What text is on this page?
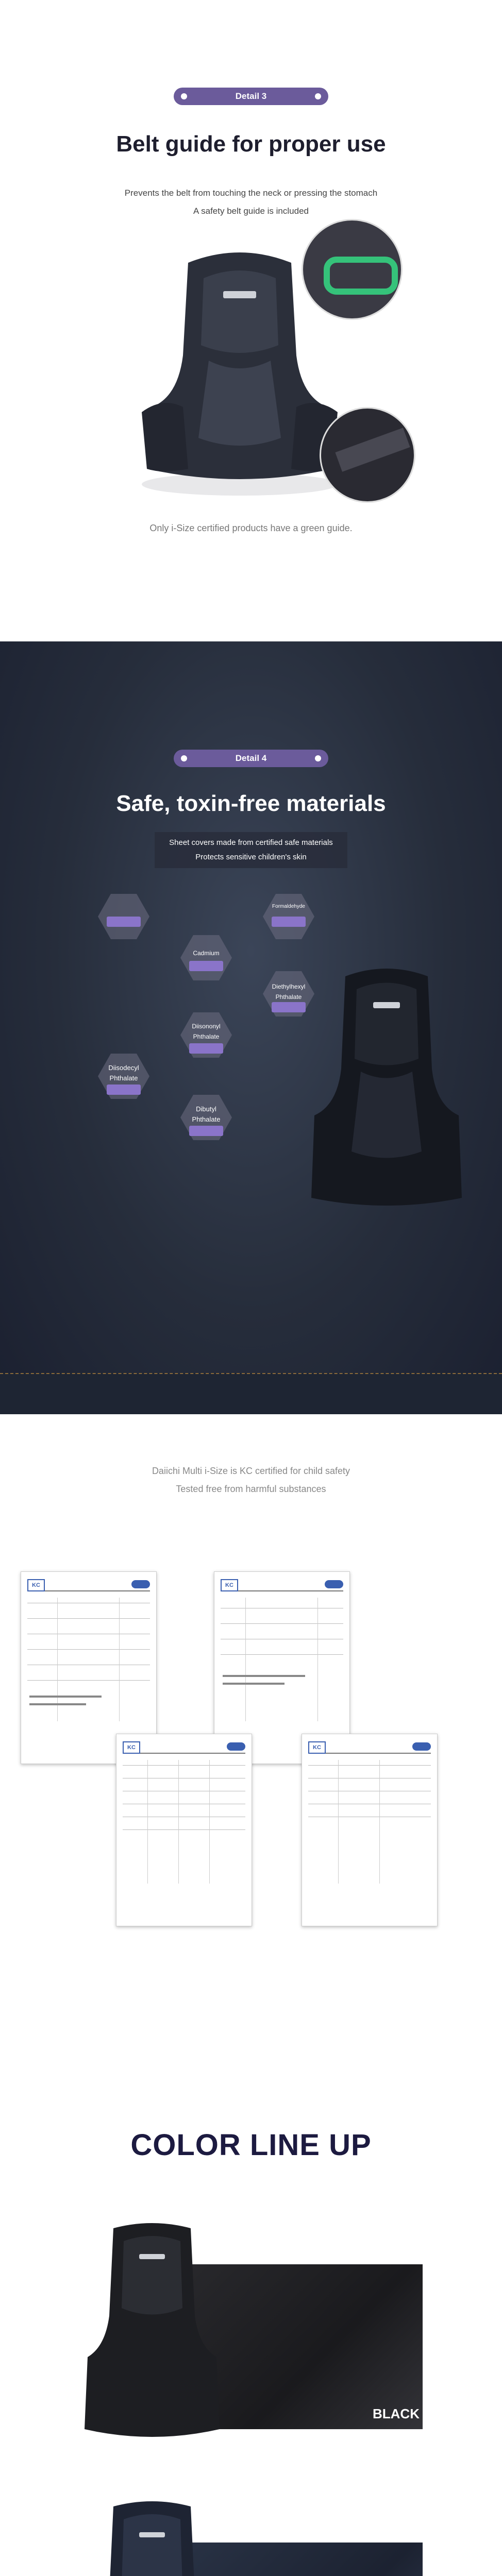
Detail 3
Belt guide for proper use
Prevents the belt from touching the neck or pressing the stomach
A safety belt guide is included
Only i-Size certified products have a green guide.
Detail 4
Safe, toxin-free materials
Sheet covers made from certified safe materials
Protects sensitive children's skin
Formaldehyde
Cadmium
Diethylhexyl
Phthalate
Diisononyl
Phthalate
Diisodecyl
Phthalate
Dibutyl
Phthalate
Daiichi Multi i-Size is KC certified for child safety
Tested free from harmful substances
KC	KC
KC	KC
COLOR LINE UP
BLACK
